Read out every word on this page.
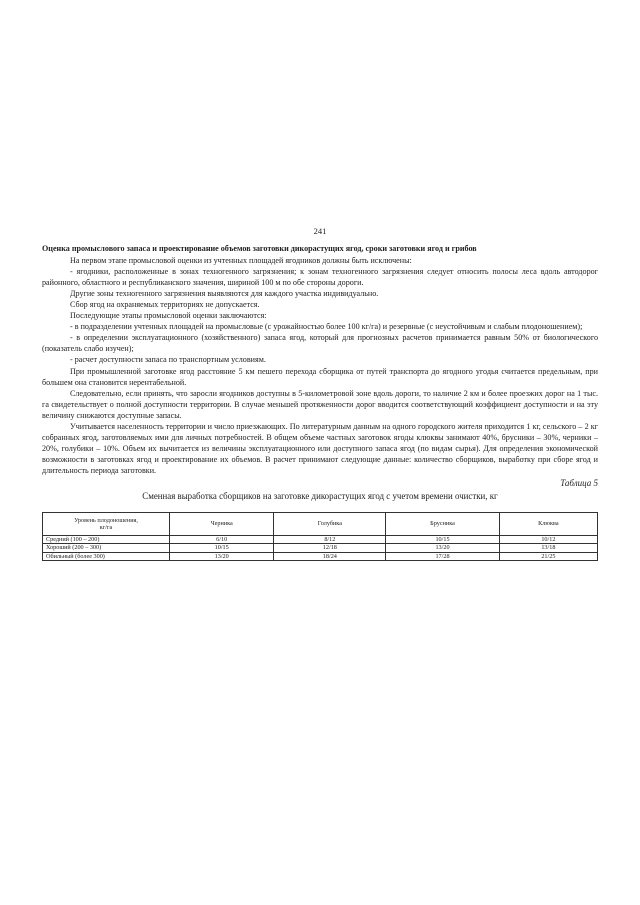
241
Оценка промыслового запаса и проектирование объемов заготовки дикорастущих ягод, сроки заготовки ягод и грибов

На первом этапе промысловой оценки из учтенных площадей ягодников должны быть исключены:

- ягодники, расположенные в зонах техногенного загрязнения; к зонам техногенного загрязнения следует относить полосы леса вдоль автодорог районного, областного и республиканского значения, шириной 100 м по обе стороны дороги.

Другие зоны техногенного загрязнения выявляются для каждого участка индивидуально.

Сбор ягод на охраняемых территориях не допускается.

Последующие этапы промысловой оценки заключаются:

- в подразделении учтенных площадей на промысловые (с урожайностью более 100 кг/га) и резервные (с неустойчивым и слабым плодоношением);

- в определении эксплуатационного (хозяйственного) запаса ягод, который для прогнозных расчетов принимается равным 50% от биологического (показатель слабо изучен);

- расчет доступности запаса по транспортным условиям.

При промышленной заготовке ягод расстояние 5 км пешего перехода сборщика от путей транспорта до ягодного угодья считается предельным, при большем она становится нерентабельной.

Следовательно, если принять, что заросли ягодников доступны в 5-километровой зоне вдоль дороги, то наличие 2 км и более проезжих дорог на 1 тыс. га свидетельствует о полной доступности территории. В случае меньшей протяженности дорог вводится соответствующий коэффициент доступности и на эту величину снижаются доступные запасы.

Учитывается населенность территории и число приезжающих. По литературным данным на одного городского жителя приходится 1 кг, сельского – 2 кг собранных ягод, заготовляемых ими для личных потребностей. В общем объеме частных заготовок ягоды клюквы занимают 40%, брусники – 30%, черники – 20%, голубики – 10%. Объем их вычитается из величины эксплуатационного или доступного запаса ягод (по видам сырья). Для определения экономической возможности в заготовках ягод и проектирование их объемов. В расчет принимают следующие данные: количество сборщиков, выработку при сборе ягод и длительность периода заготовки.

Таблица 5
Сменная выработка сборщиков на заготовке дикорастущих ягод с учетом времени очистки, кг
Уровень плодоношения,
кг/га	Черника	Голубика	Брусника	Клюква
Средний (100 – 200)	6/10	8/12	10/15	10/12
Хороший (200 – 300)	10/15	12/18	13/20	13/18
Обильный (более 300)	13/20	18/24	17/28	21/25
